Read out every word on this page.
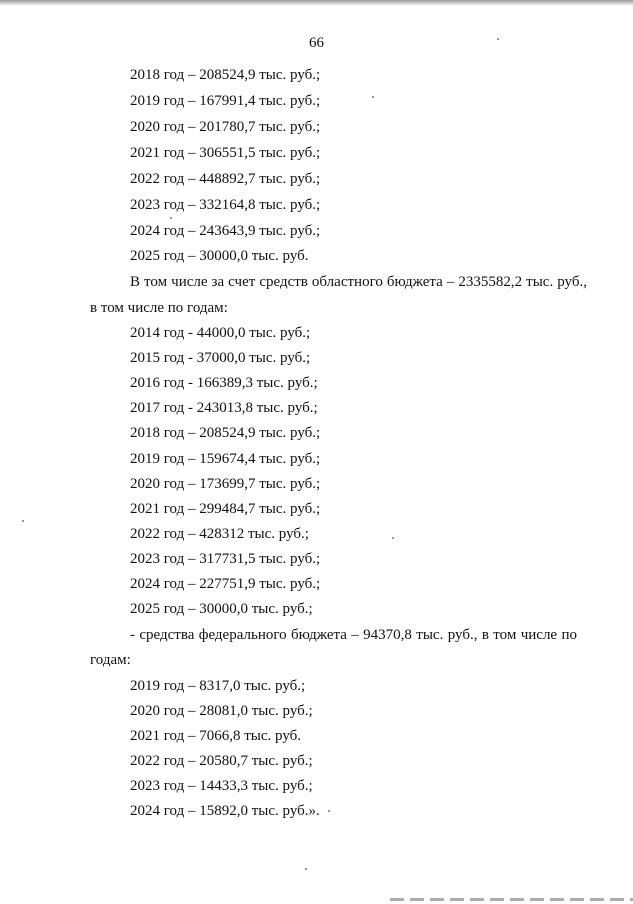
66
2018 год – 208524,9 тыс. руб.;
2019 год – 167991,4 тыс. руб.;
2020 год – 201780,7 тыс. руб.;
2021 год – 306551,5 тыс. руб.;
2022 год – 448892,7 тыс. руб.;
2023 год – 332164,8 тыс. руб.;
2024 год – 243643,9 тыс. руб.;
2025 год – 30000,0 тыс. руб.
В том числе за счет средств областного бюджета – 2335582,2 тыс. руб.,
в том числе по годам:
2014 год - 44000,0 тыс. руб.;
2015 год - 37000,0 тыс. руб.;
2016 год - 166389,3 тыс. руб.;
2017 год - 243013,8 тыс. руб.;
2018 год – 208524,9 тыс. руб.;
2019 год – 159674,4 тыс. руб.;
2020 год – 173699,7 тыс. руб.;
2021 год – 299484,7 тыс. руб.;
2022 год – 428312 тыс. руб.;
2023 год – 317731,5 тыс. руб.;
2024 год – 227751,9 тыс. руб.;
2025 год – 30000,0 тыс. руб.;
- средства федерального бюджета – 94370,8 тыс. руб., в том числе по
годам:
2019 год – 8317,0 тыс. руб.;
2020 год – 28081,0 тыс. руб.;
2021 год – 7066,8 тыс. руб.
2022 год – 20580,7 тыс. руб.;
2023 год – 14433,3 тыс. руб.;
2024 год – 15892,0 тыс. руб.».
